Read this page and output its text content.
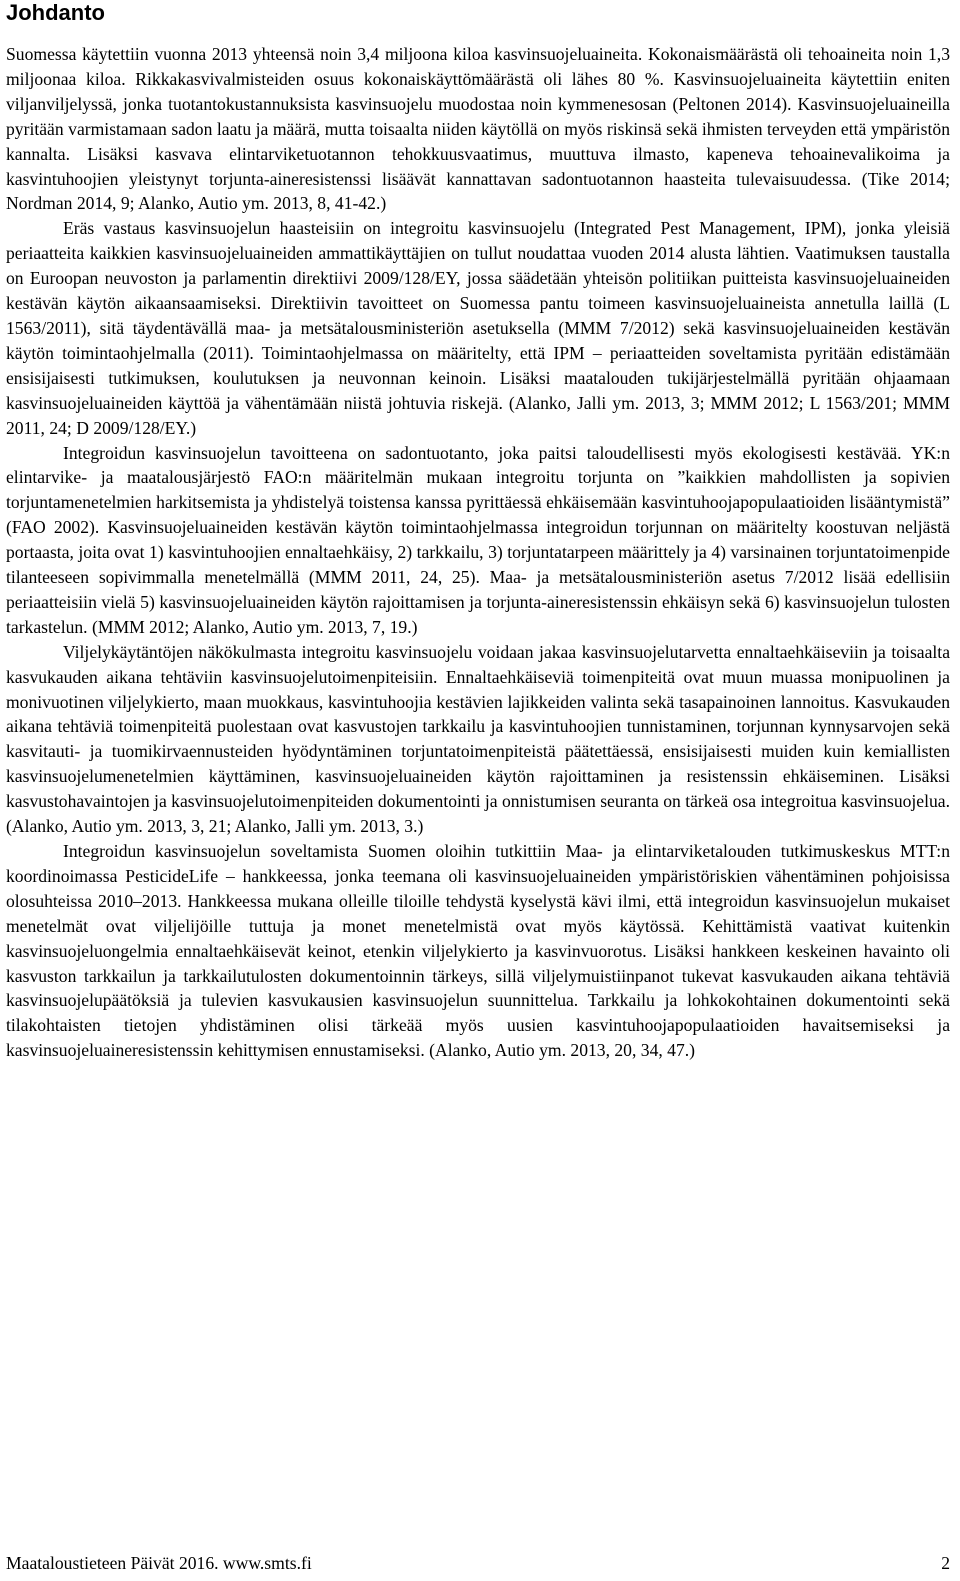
Johdanto

Suomessa käytettiin vuonna 2013 yhteensä noin 3,4 miljoona kiloa kasvinsuojeluaineita. Kokonaismäärästä oli tehoaineita noin 1,3 miljoonaa kiloa. Rikkakasvivalmisteiden osuus kokonaiskäyttömäärästä oli lähes 80 %. Kasvinsuojeluaineita käytettiin eniten viljanviljelyssä, jonka tuotantokustannuksista kasvinsuojelu muodostaa noin kymmenesosan (Peltonen 2014). Kasvinsuojeluaineilla pyritään varmistamaan sadon laatu ja määrä, mutta toisaalta niiden käytöllä on myös riskinsä sekä ihmisten terveyden että ympäristön kannalta. Lisäksi kasvava elintarviketuotannon tehokkuusvaatimus, muuttuva ilmasto, kapeneva tehoainevalikoima ja kasvintuhoojien yleistynyt torjunta-aineresistenssi lisäävät kannattavan sadontuotannon haasteita tulevaisuudessa. (Tike 2014; Nordman 2014, 9; Alanko, Autio ym. 2013, 8, 41-42.)

Eräs vastaus kasvinsuojelun haasteisiin on integroitu kasvinsuojelu (Integrated Pest Management, IPM), jonka yleisiä periaatteita kaikkien kasvinsuojeluaineiden ammattikäyttäjien on tullut noudattaa vuoden 2014 alusta lähtien. Vaatimuksen taustalla on Euroopan neuvoston ja parlamentin direktiivi 2009/128/EY, jossa säädetään yhteisön politiikan puitteista kasvinsuojeluaineiden kestävän käytön aikaansaamiseksi. Direktiivin tavoitteet on Suomessa pantu toimeen kasvinsuojeluaineista annetulla laillä (L 1563/2011), sitä täydentävällä maa- ja metsätalousministeriön asetuksella (MMM 7/2012) sekä kasvinsuojeluaineiden kestävän käytön toimintaohjelmalla (2011). Toimintaohjelmassa on määritelty, että IPM – periaatteiden soveltamista pyritään edistämään ensisijaisesti tutkimuksen, koulutuksen ja neuvonnan keinoin. Lisäksi maatalouden tukijärjestelmällä pyritään ohjaamaan kasvinsuojeluaineiden käyttöä ja vähentämään niistä johtuvia riskejä. (Alanko, Jalli ym. 2013, 3; MMM 2012; L 1563/201; MMM 2011, 24; D 2009/128/EY.)

Integroidun kasvinsuojelun tavoitteena on sadontuotanto, joka paitsi taloudellisesti myös ekologisesti kestävää. YK:n elintarvike- ja maatalousjärjestö FAO:n määritelmän mukaan integroitu torjunta on ”kaikkien mahdollisten ja sopivien torjuntamenetelmien harkitsemista ja yhdistelyä toistensa kanssa pyrittäessä ehkäisemään kasvintuhoojapopulaatioiden lisääntymistä” (FAO 2002). Kasvinsuojeluaineiden kestävän käytön toimintaohjelmassa integroidun torjunnan on määritelty koostuvan neljästä portaasta, joita ovat 1) kasvintuhoojien ennaltaehkäisy, 2) tarkkailu, 3) torjuntatarpeen määrittely ja 4) varsinainen torjuntatoimenpide tilanteeseen sopivimmalla menetelmällä (MMM 2011, 24, 25). Maa- ja metsätalousministeriön asetus 7/2012 lisää edellisiin periaatteisiin vielä 5) kasvinsuojeluaineiden käytön rajoittamisen ja torjunta-aineresistenssin ehkäisyn sekä 6) kasvinsuojelun tulosten tarkastelun. (MMM 2012; Alanko, Autio ym. 2013, 7, 19.)

Viljelykäytäntöjen näkökulmasta integroitu kasvinsuojelu voidaan jakaa kasvinsuojelutarvetta ennaltaehkäiseviin ja toisaalta kasvukauden aikana tehtäviin kasvinsuojelutoimenpiteisiin. Ennaltaehkäiseviä toimenpiteitä ovat muun muassa monipuolinen ja monivuotinen viljelykierto, maan muokkaus, kasvintuhoojia kestävien lajikkeiden valinta sekä tasapainoinen lannoitus. Kasvukauden aikana tehtäviä toimenpiteitä puolestaan ovat kasvustojen tarkkailu ja kasvintuhoojien tunnistaminen, torjunnan kynnysarvojen sekä kasvitauti- ja tuomikirvaennusteiden hyödyntäminen torjuntatoimenpiteistä päätettäessä, ensisijaisesti muiden kuin kemiallisten kasvinsuojelumenetelmien käyttäminen, kasvinsuojeluaineiden käytön rajoittaminen ja resistenssin ehkäiseminen. Lisäksi kasvustohavaintojen ja kasvinsuojelutoimenpiteiden dokumentointi ja onnistumisen seuranta on tärkeä osa integroitua kasvinsuojelua. (Alanko, Autio ym. 2013, 3, 21; Alanko, Jalli ym. 2013, 3.)

Integroidun kasvinsuojelun soveltamista Suomen oloihin tutkittiin Maa- ja elintarviketalouden tutkimuskeskus MTT:n koordinoimassa PesticideLife – hankkeessa, jonka teemana oli kasvinsuojeluaineiden ympäristöriskien vähentäminen pohjoisissa olosuhteissa 2010–2013. Hankkeessa mukana olleille tiloille tehdystä kyselystä kävi ilmi, että integroidun kasvinsuojelun mukaiset menetelmät ovat viljelijöille tuttuja ja monet menetelmistä ovat myös käytössä. Kehittämistä vaativat kuitenkin kasvinsuojeluongelmia ennaltaehkäisevät keinot, etenkin viljelykierto ja kasvinvuorotus. Lisäksi hankkeen keskeinen havainto oli kasvuston tarkkailun ja tarkkailutulosten dokumentoinnin tärkeys, sillä viljelymuistiinpanot tukevat kasvukauden aikana tehtäviä kasvinsuojelupäätöksiä ja tulevien kasvukausien kasvinsuojelun suunnittelua. Tarkkailu ja lohkokohtainen dokumentointi sekä tilakohtaisten tietojen yhdistäminen olisi tärkeää myös uusien kasvintuhoojapopulaatioiden havaitsemiseksi ja kasvinsuojeluaineresistenssin kehittymisen ennustamiseksi. (Alanko, Autio ym. 2013, 20, 34, 47.)

Maataloustieteen Päivät 2016. www.smts.fi	2
